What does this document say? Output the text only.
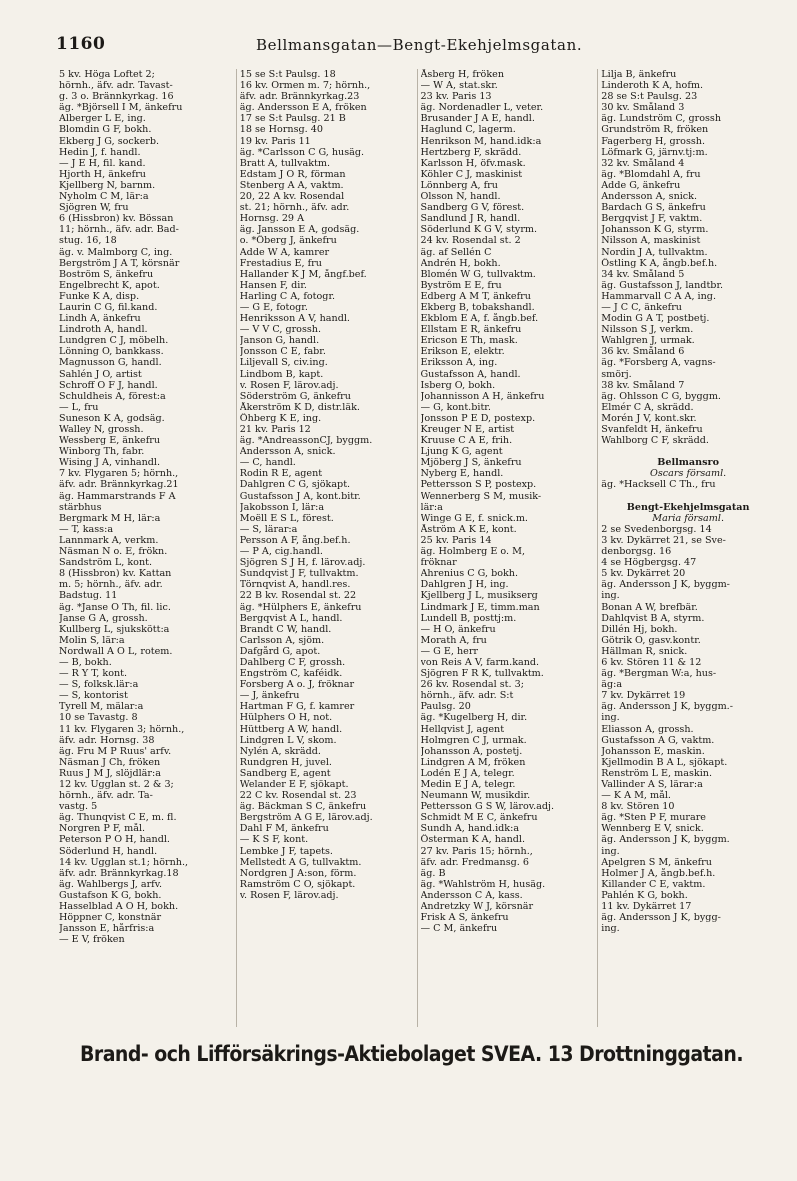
1160	Bellmansgatan—Bengt-Ekehjelmsgatan.
5 kv. Höga Loftet 2;
hörnh., äfv. adr. Tavast-
g. 3 o. Brännkyrkag. 16
äg. *Björsell I M, änkefru
Alberger L E, ing.
Blomdin G F, bokh.
Ekberg J G, sockerb.
Hedin J, f. handl.
— J E H, fil. kand.
Hjorth H, änkefru
Kjellberg N, barnm.
Nyholm C M, lär:a
Sjögren W, fru
6 (Hissbron) kv. Bössan
11; hörnh., äfv. adr. Bad-
stug. 16, 18
äg. v. Malmborg C, ing.
Bergström J A T, körsnär
Boström S, änkefru
Engelbrecht K, apot.
Funke K A, disp.
Laurin C G, fil.kand.
Lindh A, änkefru
Lindroth A, handl.
Lundgren C J, möbelh.
Lönning O, bankkass.
Magnusson G, handl.
Sahlén J O, artist
Schroff O F J, handl.
Schuldheis A, förest:a
— L, fru
Suneson K A, godsäg.
Walley N, grossh.
Wessberg E, änkefru
Winborg Th, fabr.
Wising J A, vinhandl.
7 kv. Flygaren 5; hörnh.,
äfv. adr. Brännkyrkag.21
äg. Hammarstrands F A
stärbhus
Bergmark M H, lär:a
— T, kass:a
Lannmark A, verkm.
Näsman N o. E, frökn.
Sandström L, kont.
8 (Hissbron) kv. Kattan
m. 5; hörnh., äfv. adr.
Badstug. 11
äg. *Janse O Th, fil. lic.
Janse G A, grossh.
Kullberg L, sjukskött:a
Molin S, lär:a
Nordwall A O L, rotem.
— B, bokh.
— R Y T, kont.
— S, folksk.lär:a
— S, kontorist
Tyrell M, mälar:a
10 se Tavastg. 8
11 kv. Flygaren 3; hörnh.,
äfv. adr. Hornsg. 38
äg. Fru M P Ruus' arfv.
Näsman J Ch, fröken
Ruus J M J, slöjdlär:a
12 kv. Ugglan st. 2 & 3;
hörnh., äfv. adr. Ta-
vastg. 5
äg. Thunqvist C E, m. fl.
Norgren P F, mål.
Peterson P O H, handl.
Söderlund H, handl.
14 kv. Ugglan st.1; hörnh.,
äfv. adr. Brännkyrkag.18
äg. Wahlbergs J, arfv.
Gustafson K G, bokh.
Hasselblad A O H, bokh.
Höppner C, konstnär
Jansson E, hårfris:a
— E V, fröken
15 se S:t Paulsg. 18
16 kv. Ormen m. 7; hörnh.,
äfv. adr. Brännkyrkag.23
äg. Andersson E A, fröken
17 se S:t Paulsg. 21 B
18 se Hornsg. 40
19 kv. Paris 11
äg. *Carlsson C G, husäg.
Bratt A, tullvaktm.
Edstam J O R, förman
Stenberg A A, vaktm.
20, 22 A kv. Rosendal
st. 21; hörnh., äfv. adr.
Hornsg. 29 A
äg. Jansson E A, godsäg.
o. *Öberg J, änkefru
Adde W A, kamrer
Frestadius E, fru
Hallander K J M, ångf.bef.
Hansen F, dir.
Harling C A, fotogr.
— G E, fotogr.
Henriksson A V, handl.
— V V C, grossh.
Janson G, handl.
Jonsson C E, fabr.
Liljevall S, civ.ing.
Lindbom B, kapt.
v. Rosen F, lärov.adj.
Söderström G, änkefru
Åkerström K D, distr.läk.
Öhberg K E, ing.
21 kv. Paris 12
äg. *AndreassonCJ, byggm.
Andersson A, snick.
— C, handl.
Rodin R E, agent
Dahlgren C G, sjökapt.
Gustafsson J A, kont.bitr.
Jakobsson I, lär:a
Moëll E S L, förest.
— S, lärar:a
Persson A F, ång.bef.h.
— P A, cig.handl.
Sjögren S J H, f. lärov.adj.
Sundqvist J F, tullvaktm.
Törnqvist A, handl.res.
22 B kv. Rosendal st. 22
äg. *Hülphers E, änkefru
Bergqvist A L, handl.
Brandt C W, handl.
Carlsson A, sjöm.
Dafgård G, apot.
Dahlberg C F, grossh.
Engström C, kaféidk.
Forsberg A o. J, fröknar
— J, änkefru
Hartman F G, f. kamrer
Hülphers O H, not.
Hüttberg A W, handl.
Lindgren L V, skom.
Nylén A, skrädd.
Rundgren H, juvel.
Sandberg E, agent
Welander E F, sjökapt.
22 C kv. Rosendal st. 23
äg. Bäckman S C, änkefru
Bergström A G E, lärov.adj.
Dahl F M, änkefru
— K S F, kont.
Lembke J F, tapets.
Mellstedt A G, tullvaktm.
Nordgren J A:son, förm.
Ramström C O, sjökapt.
v. Rosen F, lärov.adj.
Åsberg H, fröken
— W A, stat.skr.
23 kv. Paris 13
äg. Nordenadler L, veter.
Brusander J A E, handl.
Haglund C, lagerm.
Henrikson M, hand.idk:a
Hertzberg F, skrädd.
Karlsson H, öfv.mask.
Köhler C J, maskinist
Lönnberg A, fru
Olsson N, handl.
Sandberg G V, förest.
Sandlund J R, handl.
Söderlund K G V, styrm.
24 kv. Rosendal st. 2
äg. af Sellén C
Andrén H, bokh.
Blomén W G, tullvaktm.
Byström E E, fru
Edberg A M T, änkefru
Ekberg B, tobakshandl.
Ekblom E A, f. ångb.bef.
Ellstam E R, änkefru
Ericson E Th, mask.
Erikson E, elektr.
Eriksson A, ing.
Gustafsson A, handl.
Isberg O, bokh.
Johannisson A H, änkefru
— G, kont.bitr.
Jonsson P E D, postexp.
Kreuger N E, artist
Kruuse C A E, frih.
Ljung K G, agent
Mjöberg J S, änkefru
Nyberg E, handl.
Pettersson S P, postexp.
Wennerberg S M, musik-
lär:a
Winge G E, f. snick.m.
Åström A K E, kont.
25 kv. Paris 14
äg. Holmberg E o. M,
fröknar
Ahrenius C G, bokh.
Dahlgren J H, ing.
Kjellberg J L, musikserg
Lindmark J E, timm.man
Lundell B, posttj:m.
— H O, änkefru
Morath A, fru
— G E, herr
von Reis A V, farm.kand.
Sjögren F R K, tullvaktm.
26 kv. Rosendal st. 3;
hörnh., äfv. adr. S:t
Paulsg. 20
äg. *Kugelberg H, dir.
Hellqvist J, agent
Holmgren C J, urmak.
Johansson A, postetj.
Lindgren A M, fröken
Lodén E J A, telegr.
Medin E J A, telegr.
Neumann W, musikdir.
Pettersson G S W, lärov.adj.
Schmidt M E C, änkefru
Sundh A, hand.idk:a
Österman K A, handl.
27 kv. Paris 15; hörnh.,
äfv. adr. Fredmansg. 6
äg. B
äg. *Wahlström H, husäg.
Andersson C A, kass.
Andretzky W J, körsnär
Frisk A S, änkefru
— C M, änkefru
Lilja B, änkefru
Linderoth K A, hofm.
28 se S:t Paulsg. 23
30 kv. Småland 3
äg. Lundström C, grossh
Grundström R, fröken
Fagerberg H, grossh.
Löfmark G, järnv.tj:m.
32 kv. Småland 4
äg. *Blomdahl A, fru
Adde G, änkefru
Andersson A, snick.
Bardach G S, änkefru
Bergqvist J F, vaktm.
Johansson K G, styrm.
Nilsson A, maskinist
Nordin J A, tullvaktm.
Östling K A, ångb.bef.h.
34 kv. Småland 5
äg. Gustafsson J, landtbr.
Hammarvall C A A, ing.
— J C C, änkefru
Modin G A T, postbetj.
Nilsson S J, verkm.
Wahlgren J, urmak.
36 kv. Småland 6
äg. *Forsberg A, vagns-
smörj.
38 kv. Småland 7
äg. Ohlsson C G, byggm.
Elmér C A, skrädd.
Morén J V, kont.skr.
Svanfeldt H, änkefru
Wahlborg C F, skrädd.

Bellmansro
Oscars församl.
äg. *Hacksell C Th., fru

Bengt-Ekehjelmsgatan
Maria församl.
2 se Svedenborgsg. 14
3 kv. Dykärret 21, se Sve-
denborgsg. 16
4 se Högbergsg. 47
5 kv. Dykärret 20
äg. Andersson J K, byggm-
ing.
Bonan A W, brefbär.
Dahlqvist B A, styrm.
Dillén Hj, bokh.
Götrik O, gasv.kontr.
Hällman R, snick.
6 kv. Stören 11 & 12
äg. *Bergman W:a, hus-
äg:a
7 kv. Dykärret 19
äg. Andersson J K, byggm.-
ing.
Eliasson A, grossh.
Gustafsson A G, vaktm.
Johansson E, maskin.
Kjellmodin B A L, sjökapt.
Renström L E, maskin.
Vallinder A S, lärar:a
— K A M, mål.
8 kv. Stören 10
äg. *Sten P F, murare
Wennberg E V, snick.
äg. Andersson J K, byggm.
ing.
Apelgren S M, änkefru
Holmer J A, ångb.bef.h.
Killander C E, vaktm.
Pahlén K G, bokh.
11 kv. Dykärret 17
äg. Andersson J K, bygg-
ing.
Brand- och Lifförsäkrings-Aktiebolaget SVEA. 13 Drottninggatan.
